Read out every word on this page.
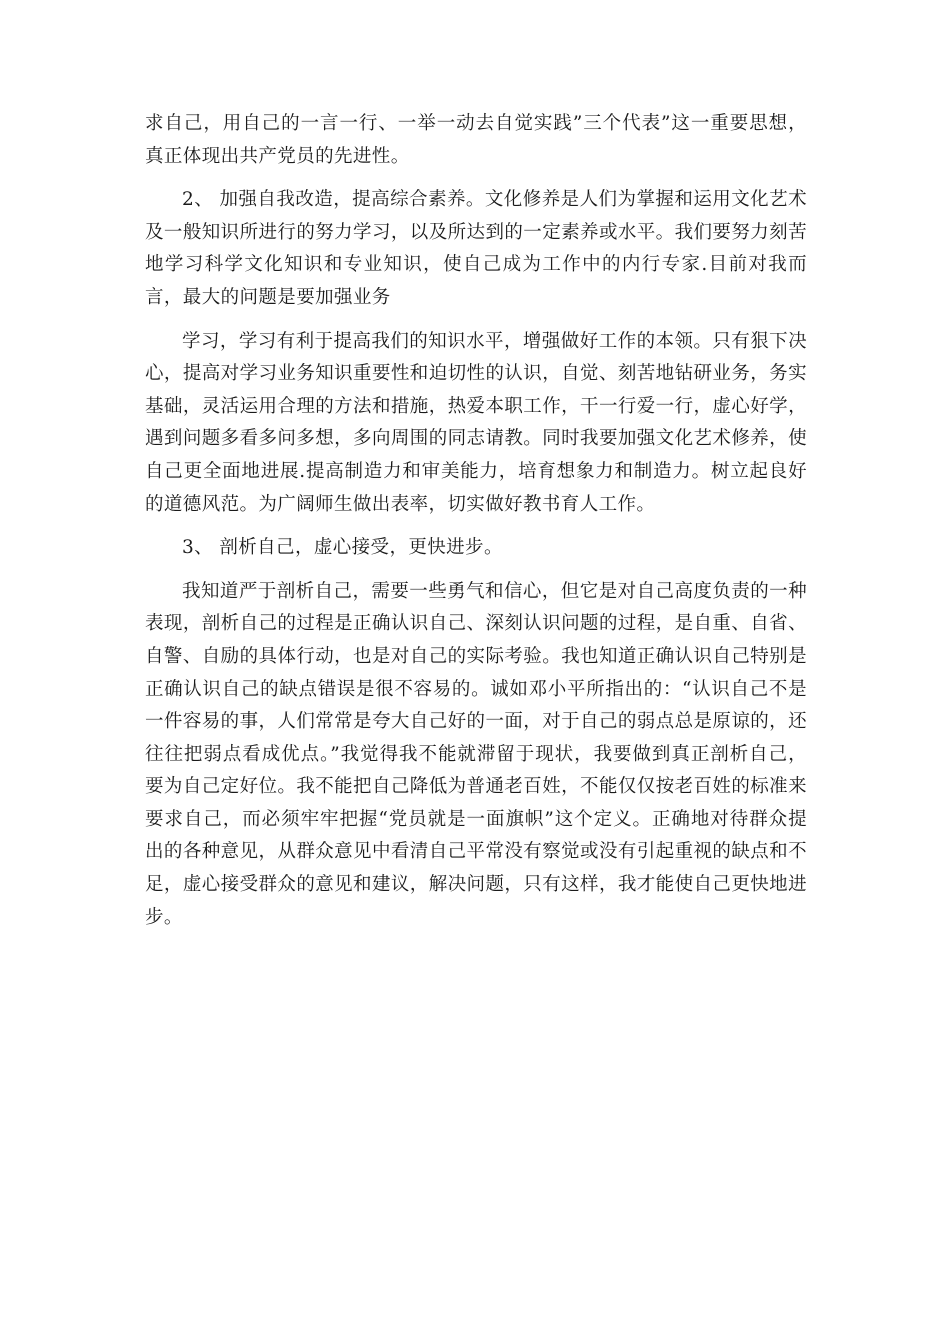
求自己，用自己的一言一行、一举一动去自觉实践”三个代表”这一重要思想，真正体现出共产党员的先进性。

2、 加强自我改造，提高综合素养。文化修养是人们为掌握和运用文化艺术及一般知识所进行的努力学习，以及所达到的一定素养或水平。我们要努力刻苦地学习科学文化知识和专业知识，使自己成为工作中的内行专家.目前对我而言，最大的问题是要加强业务

学习，学习有利于提高我们的知识水平，增强做好工作的本领。只有狠下决心，提高对学习业务知识重要性和迫切性的认识，自觉、刻苦地钻研业务，务实基础，灵活运用合理的方法和措施，热爱本职工作，干一行爱一行，虚心好学，遇到问题多看多问多想，多向周围的同志请教。同时我要加强文化艺术修养，使自己更全面地进展.提高制造力和审美能力，培育想象力和制造力。树立起良好的道德风范。为广阔师生做出表率，切实做好教书育人工作。

3、 剖析自己，虚心接受，更快进步。

我知道严于剖析自己，需要一些勇气和信心，但它是对自己高度负责的一种表现，剖析自己的过程是正确认识自己、深刻认识问题的过程，是自重、自省、自警、自励的具体行动，也是对自己的实际考验。我也知道正确认识自己特别是正确认识自己的缺点错误是很不容易的。诚如邓小平所指出的：“认识自己不是一件容易的事，人们常常是夸大自己好的一面，对于自己的弱点总是原谅的，还往往把弱点看成优点。”我觉得我不能就滞留于现状，我要做到真正剖析自己，要为自己定好位。我不能把自己降低为普通老百姓，不能仅仅按老百姓的标准来要求自己，而必须牢牢把握“党员就是一面旗帜”这个定义。正确地对待群众提出的各种意见，从群众意见中看清自己平常没有察觉或没有引起重视的缺点和不足，虚心接受群众的意见和建议，解决问题，只有这样，我才能使自己更快地进步。
